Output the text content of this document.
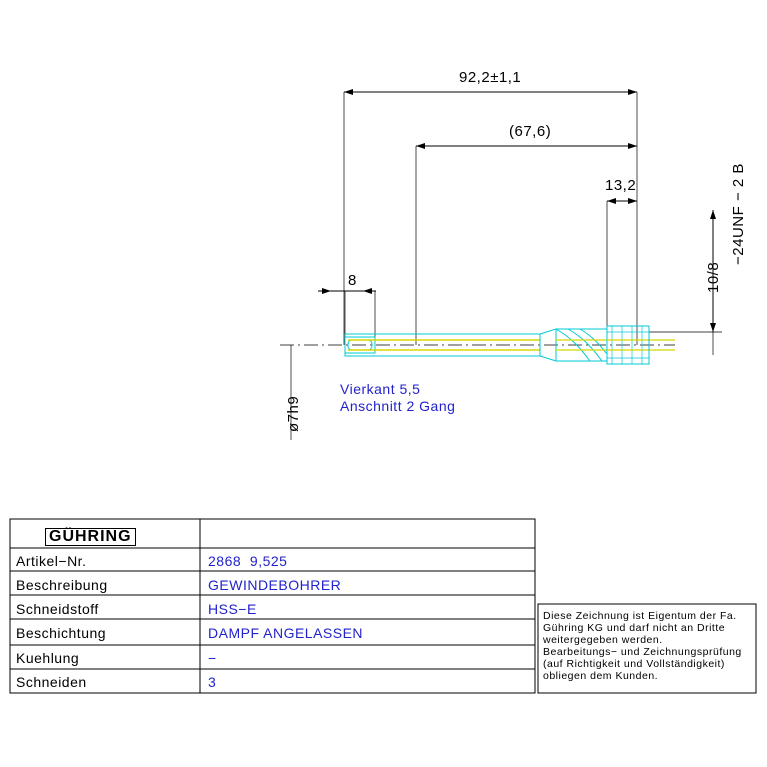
92,2±1,1
(67,6)
13,2
8	10/8
−24UNF − 2 B
ø7h9
Vierkant 5,5
Anschnitt 2 Gang
GÜHRING
Artikel−Nr.	2868  9,525
Beschreibung	GEWINDEBOHRER
Schneidstoff	HSS−E
Beschichtung	DAMPF ANGELASSEN
Kuehlung	−
Schneiden	3
Diese Zeichnung ist Eigentum der Fa.
Gühring KG und darf nicht an Dritte
weitergegeben werden.
Bearbeitungs− und Zeichnungsprüfung
(auf Richtigkeit und Vollständigkeit)
obliegen dem Kunden.
